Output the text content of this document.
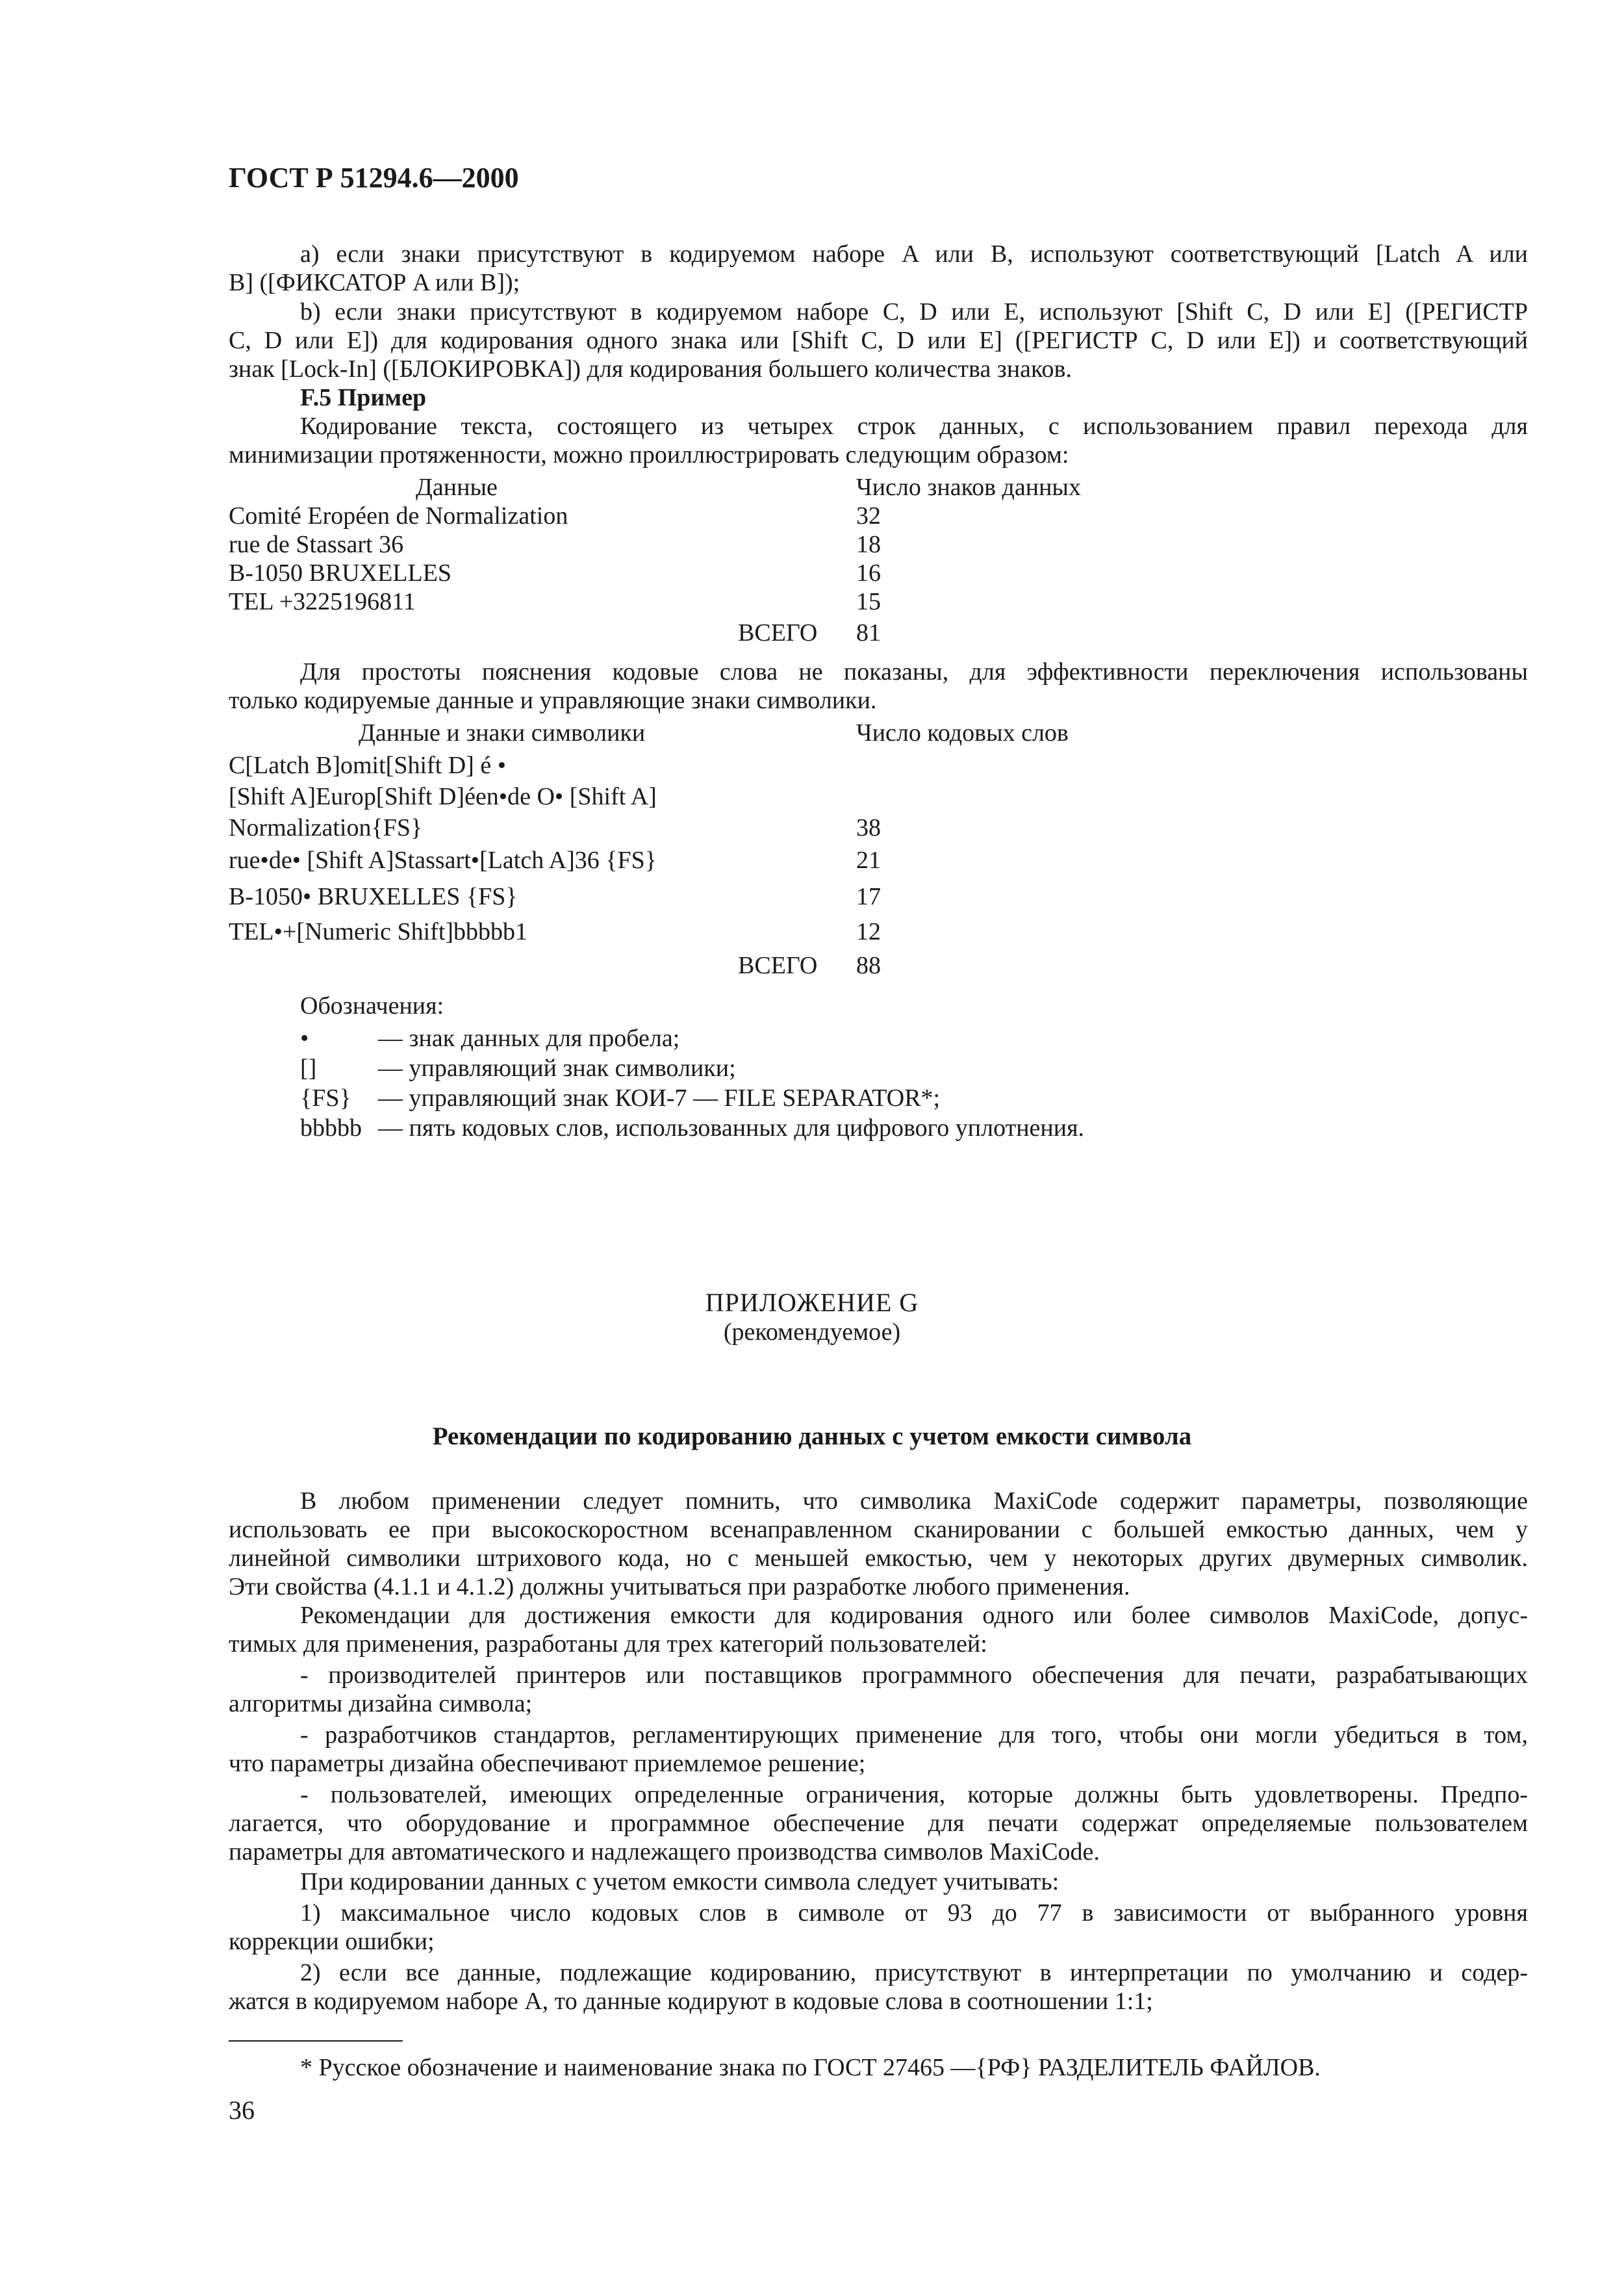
ГОСТ Р 51294.6—2000
а) если знаки присутствуют в кодируемом наборе A или B, используют соответствующий [Latch A или
B] ([ФИКСАТОР A или B]);
b) если знаки присутствуют в кодируемом наборе C, D или E, используют [Shift C, D или E] ([РЕГИСТР
C, D или E]) для кодирования одного знака или [Shift C, D или E] ([РЕГИСТР C, D или E]) и соответствующий
знак [Lock-In] ([БЛОКИРОВКА]) для кодирования большего количества знаков.
F.5 Пример
Кодирование текста, состоящего из четырех строк данных, с использованием правил перехода для
минимизации протяженности, можно проиллюстрировать следующим образом:
Данные	Число знаков данных
Comité Eropéen de Normalization	32
rue de Stassart 36	18
B-1050 BRUXELLES	16
TEL +3225196811	15
ВСЕГО 81
Для простоты пояснения кодовые слова не показаны, для эффективности переключения использованы
только кодируемые данные и управляющие знаки символики.
Данные и знаки символики	Число кодовых слов
C[Latch B]omit[Shift D] é •
[Shift A]Europ[Shift D]éen•de O• [Shift A]
Normalization{FS}	38
rue•de• [Shift A]Stassart•[Latch A]36 {FS}	21
B-1050• BRUXELLES {FS}	17
TEL•+[Numeric Shift]bbbbb1	12
ВСЕГО 88
Обозначения:
•	— знак данных для пробела;
[] — управляющий знак символики;
{FS} — управляющий знак КОИ-7 — FILE SEPARATOR*;
bbbbb — пять кодовых слов, использованных для цифрового уплотнения.
ПРИЛОЖЕНИЕ G
(рекомендуемое)
Рекомендации по кодированию данных с учетом емкости символа
В любом применении следует помнить, что символика MaxiCode содержит параметры, позволяющие
использовать ее при высокоскоростном всенаправленном сканировании с большей емкостью данных, чем у
линейной символики штрихового кода, но с меньшей емкостью, чем у некоторых других двумерных символик.
Эти свойства (4.1.1 и 4.1.2) должны учитываться при разработке любого применения.
Рекомендации для достижения емкости для кодирования одного или более символов MaxiCode, допус-
тимых для применения, разработаны для трех категорий пользователей:
- производителей принтеров или поставщиков программного обеспечения для печати, разрабатывающих
алгоритмы дизайна символа;
- разработчиков стандартов, регламентирующих применение для того, чтобы они могли убедиться в том,
что параметры дизайна обеспечивают приемлемое решение;
- пользователей, имеющих определенные ограничения, которые должны быть удовлетворены. Предпо-
лагается, что оборудование и программное обеспечение для печати содержат определяемые пользователем
параметры для автоматического и надлежащего производства символов MaxiCode.
При кодировании данных с учетом емкости символа следует учитывать:
1) максимальное число кодовых слов в символе от 93 до 77 в зависимости от выбранного уровня
коррекции ошибки;
2) если все данные, подлежащие кодированию, присутствуют в интерпретации по умолчанию и содер-
жатся в кодируемом наборе A, то данные кодируют в кодовые слова в соотношении 1:1;
* Русское обозначение и наименование знака по ГОСТ 27465 —{РФ} РАЗДЕЛИТЕЛЬ ФАЙЛОВ.
36
